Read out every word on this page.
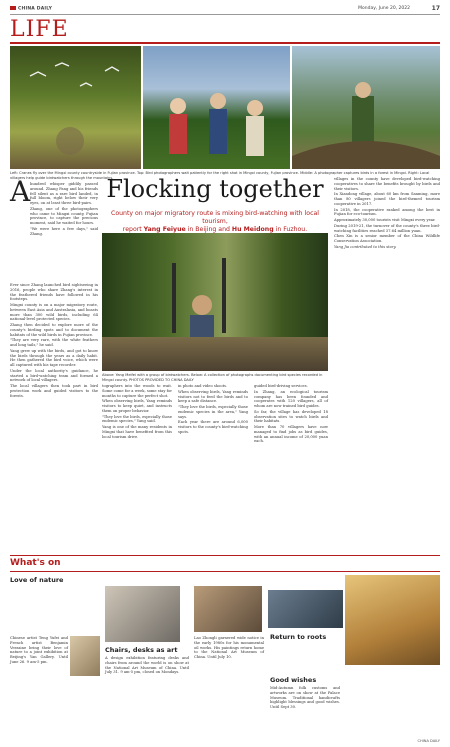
CHINA DAILY	Monday, June 20, 2022	17
LIFE
Left: Cranes fly over the Mingxi county countryside in Fujian province. Top: Bird photographers wait patiently for the right shot in Mingxi county, Fujian province. Middle: A photographer captures birds in a forest in Mingxi. Right: Local villagers help guide birdwatchers through the mountains.
A hundred whisper giddily passed around. Zhang Fang and his friends fell silent as a rare bird landed, in full bloom, right below their very eyes, on at least three bird-pairs.

Zhang, one of the photographers who came to Mingxi county, Fujian province, to capture the precious moment, said he waited for hours.

"We were here a few days," said Zhang.

Ever since Zhang launched bird sightseeing in 2016, people who share Zhang's interest in the feathered friends have followed in his footsteps.

Mingxi county is on a major migratory route, between East Asia and Australasia, and boasts more than 300 wild birds, including 64 national-level protected species.

Zhang then decided to explore more of the county's birding spots and to document the habitats of the wild birds in Fujian province.

"They are very rare, with the white feathers and long tails," he said.

Yang grew up with the birds, and got to know the birds through the years as a daily habit. He then gathered the bird voice, which were all captured with his tape recorder.

Under the local authority's guidance, he started a bird-watching team and formed a network of local villagers.

The local villagers then took part in bird protection work and guided visitors to the forests.

Flocking together
County on major migratory route is mixing bird-watching with local tourism,
report Yang Feiyue in Beijing and Hu Meidong in Fuzhou.
Above: Yang Meifei with a group of birdwatchers. Below: A collection of photographs documenting bird species recorded in Mingxi county. PHOTOS PROVIDED TO CHINA DAILY

tographers into the woods to wait. Some come for a week, some stay for months to capture the perfect shot.

When observing birds, Yang reminds visitors to keep quiet, and instructs them on proper behavior.

"They love the birds, especially those endemic species," Yang said.

Yang is one of the many residents in Mingxi that have benefited from this local tourism drive.

in photo and video shoots.

When observing birds, Yang reminds visitors not to feed the birds and to keep a safe distance.

"They love the birds, especially those endemic species in the area," Yang says.

Each year there are around 6,000 visitors to the county's bird-watching spots.

guided bird-driving services.

In Zhang, an ecological tourism company has been founded and cooperates with 120 villagers, all of whom are now trained bird guides.

So far, the village has developed 18 observation sites to watch birds and their habitats.

More than 70 villagers have now managed to find jobs as bird guides, with an annual income of 20,000 yuan each.

villages in the county have developed bird-watching cooperatives to share the benefits brought by birds and their visitors.

In Xiandong village, about 60 km from Sanming, more than 80 villagers joined the bird-themed tourism cooperative in 2017.

In 2018, the cooperative ranked among the best in Fujian for eco-tourism.

Approximately 30,000 tourists visit Mingxi every year.

During 2019-21, the turnover of the county's three bird-watching facilities reached 37.64 million yuan.

Chen Xin is a senior member of the China Wildlife Conservation Association.

Yang Jia contributed to this story.

What's on
Love of nature
Chinese artist Teng Yufei and French artist Benjamin Verzaine bring their love of nature to a joint exhibition at Beijing's Yan Gallery. Until June 26. 9 am-5 pm.
Chairs, desks as art
A design exhibition featuring desks and chairs from around the world is on show at the National Art Museum of China. Until July 31. 9 am-5 pm, closed on Mondays.
Return to roots
Lao Zhongli garnered wide notice in the early 1980s for his monumental oil works. His paintings return home to the National Art Museum of China. Until July 10.
Good wishes
Mid-Autumn folk customs and artworks are on show at the Palace Museum. Traditional handicrafts highlight blessings and good wishes. Until Sept 30.
CHINA DAILY
